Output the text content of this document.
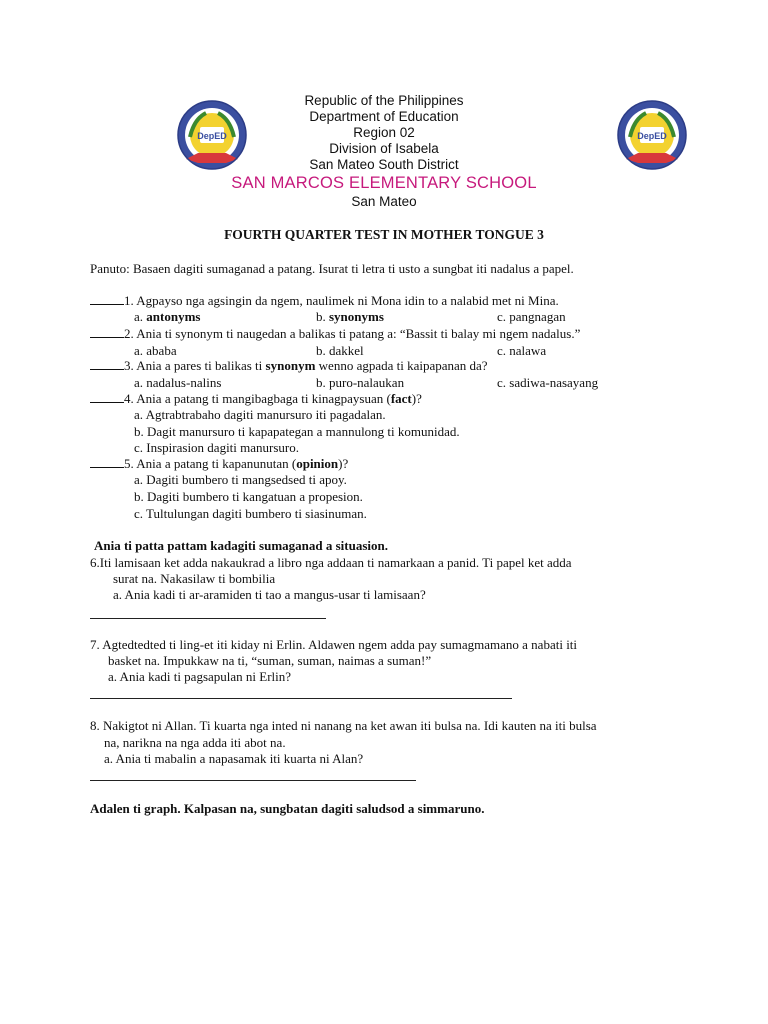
DepED	DepED
Republic of the Philippines
Department of Education
Region 02
Division of Isabela
San Mateo South District
SAN MARCOS ELEMENTARY SCHOOL
San Mateo
FOURTH QUARTER TEST IN MOTHER TONGUE 3
Panuto: Basaen dagiti sumaganad a patang. Isurat ti letra ti usto a sungbat iti nadalus a papel.
1. Agpayso nga agsingin da ngem, naulimek ni Mona idin to a nalabid met ni Mina.
a. antonyms	b. synonyms	c. pangnagan
2. Ania ti synonym ti naugedan a balikas ti patang a: “Bassit ti balay mi ngem nadalus.”
a. ababa	b. dakkel	c. nalawa
3. Ania a pares ti balikas ti synonym wenno agpada ti kaipapanan da?
a. nadalus-nalins	b. puro-nalaukan	c. sadiwa-nasayang
4. Ania a patang ti mangibagbaga ti kinagpaysuan (fact)?
a. Agtrabtrabaho dagiti manursuro iti pagadalan.
b. Dagit manursuro ti kapapategan a mannulong ti komunidad.
c. Inspirasion dagiti manursuro.
5. Ania a patang ti kapanunutan (opinion)?
a. Dagiti bumbero ti mangsedsed ti apoy.
b. Dagiti bumbero ti kangatuan a propesion.
c. Tultulungan dagiti bumbero ti siasinuman.
Ania ti patta pattam kadagiti sumaganad a situasion.
6.Iti lamisaan ket adda nakaukrad a libro nga addaan ti namarkaan a panid. Ti papel ket adda
surat na. Nakasilaw ti bombilia
a. Ania kadi ti ar-aramiden ti tao a mangus-usar ti lamisaan?
7. Agtedtedted ti ling-et iti kiday ni Erlin. Aldawen ngem adda pay sumagmamano a nabati iti
basket na. Impukkaw na ti, “suman, suman, naimas a suman!”
a. Ania kadi ti pagsapulan ni Erlin?
8. Nakigtot ni Allan. Ti kuarta nga inted ni nanang na ket awan iti bulsa na. Idi kauten na iti bulsa
na, narikna na nga adda iti abot na.
a. Ania ti mabalin a napasamak iti kuarta ni Alan?
Adalen ti graph. Kalpasan na, sungbatan dagiti saludsod a simmaruno.
